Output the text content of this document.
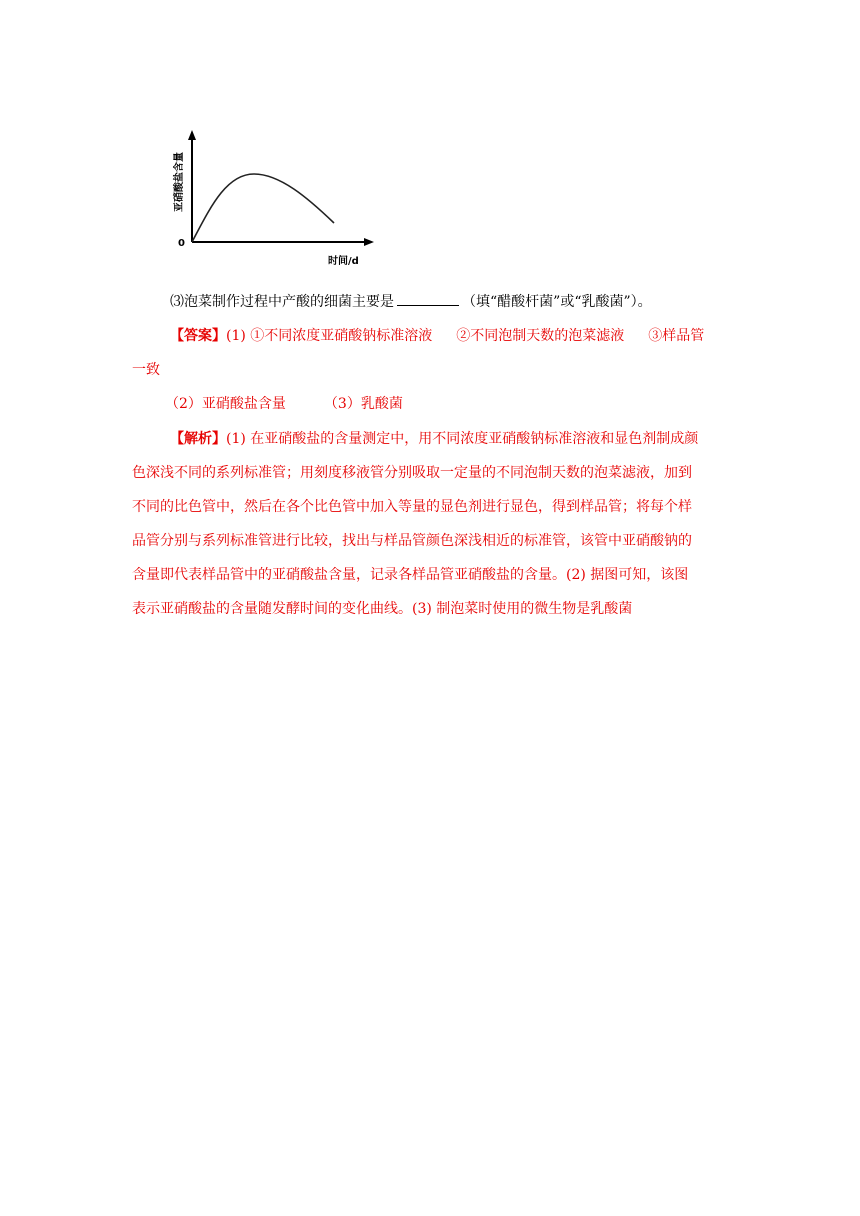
0
时间/d
亚硝酸盐含量
⑶泡菜制作过程中产酸的细菌主要是	（填“醋酸杆菌”或“乳酸菌”）。
【答案】(1) ①不同浓度亚硝酸钠标准溶液 ②不同泡制天数的泡菜滤液 ③样品管
一致
（2）亚硝酸盐含量	（3）乳酸菌
【解析】(1) 在亚硝酸盐的含量测定中，用不同浓度亚硝酸钠标准溶液和显色剂制成颜
色深浅不同的系列标准管；用刻度移液管分别吸取一定量的不同泡制天数的泡菜滤液，加到
不同的比色管中，然后在各个比色管中加入等量的显色剂进行显色，得到样品管；将每个样
品管分别与系列标准管进行比较，找出与样品管颜色深浅相近的标准管，该管中亚硝酸钠的
含量即代表样品管中的亚硝酸盐含量，记录各样品管亚硝酸盐的含量。(2) 据图可知，该图
表示亚硝酸盐的含量随发酵时间的变化曲线。(3) 制泡菜时使用的微生物是乳酸菌
